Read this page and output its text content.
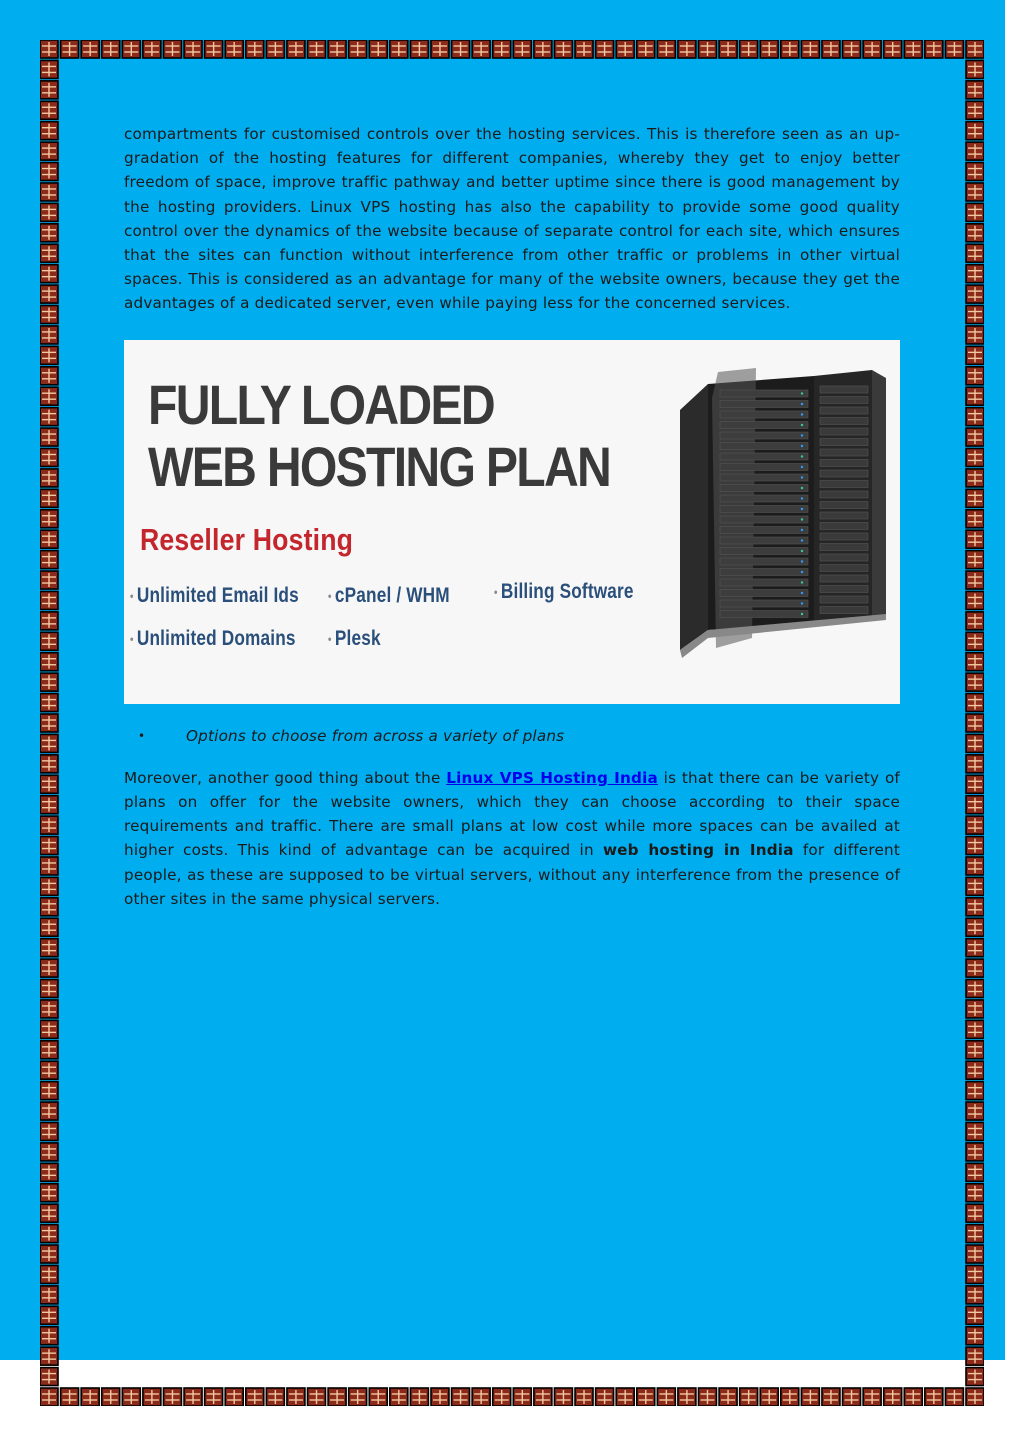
compartments for customised controls over the hosting services. This is therefore seen as an up-gradation of the hosting features for different companies, whereby they get to enjoy better freedom of space, improve traffic pathway and better uptime since there is good management by the hosting providers. Linux VPS hosting has also the capability to provide some good quality control over the dynamics of the website because of separate control for each site, which ensures that the sites can function without interference from other traffic or problems in other virtual spaces. This is considered as an advantage for many of the website owners, because they get the advantages of a dedicated server, even while paying less for the concerned services.

FULLY LOADED
WEB HOSTING PLAN
Reseller Hosting
• Unlimited Email Ids • cPanel / WHM	• Billing Software
• Unlimited Domains	• Plesk
•	Options to choose from across a variety of plans

Moreover, another good thing about the Linux VPS Hosting India is that there can be variety of plans on offer for the website owners, which they can choose according to their space requirements and traffic. There are small plans at low cost while more spaces can be availed at higher costs. This kind of advantage can be acquired in web hosting in India for different people, as these are supposed to be virtual servers, without any interference from the presence of other sites in the same physical servers.
